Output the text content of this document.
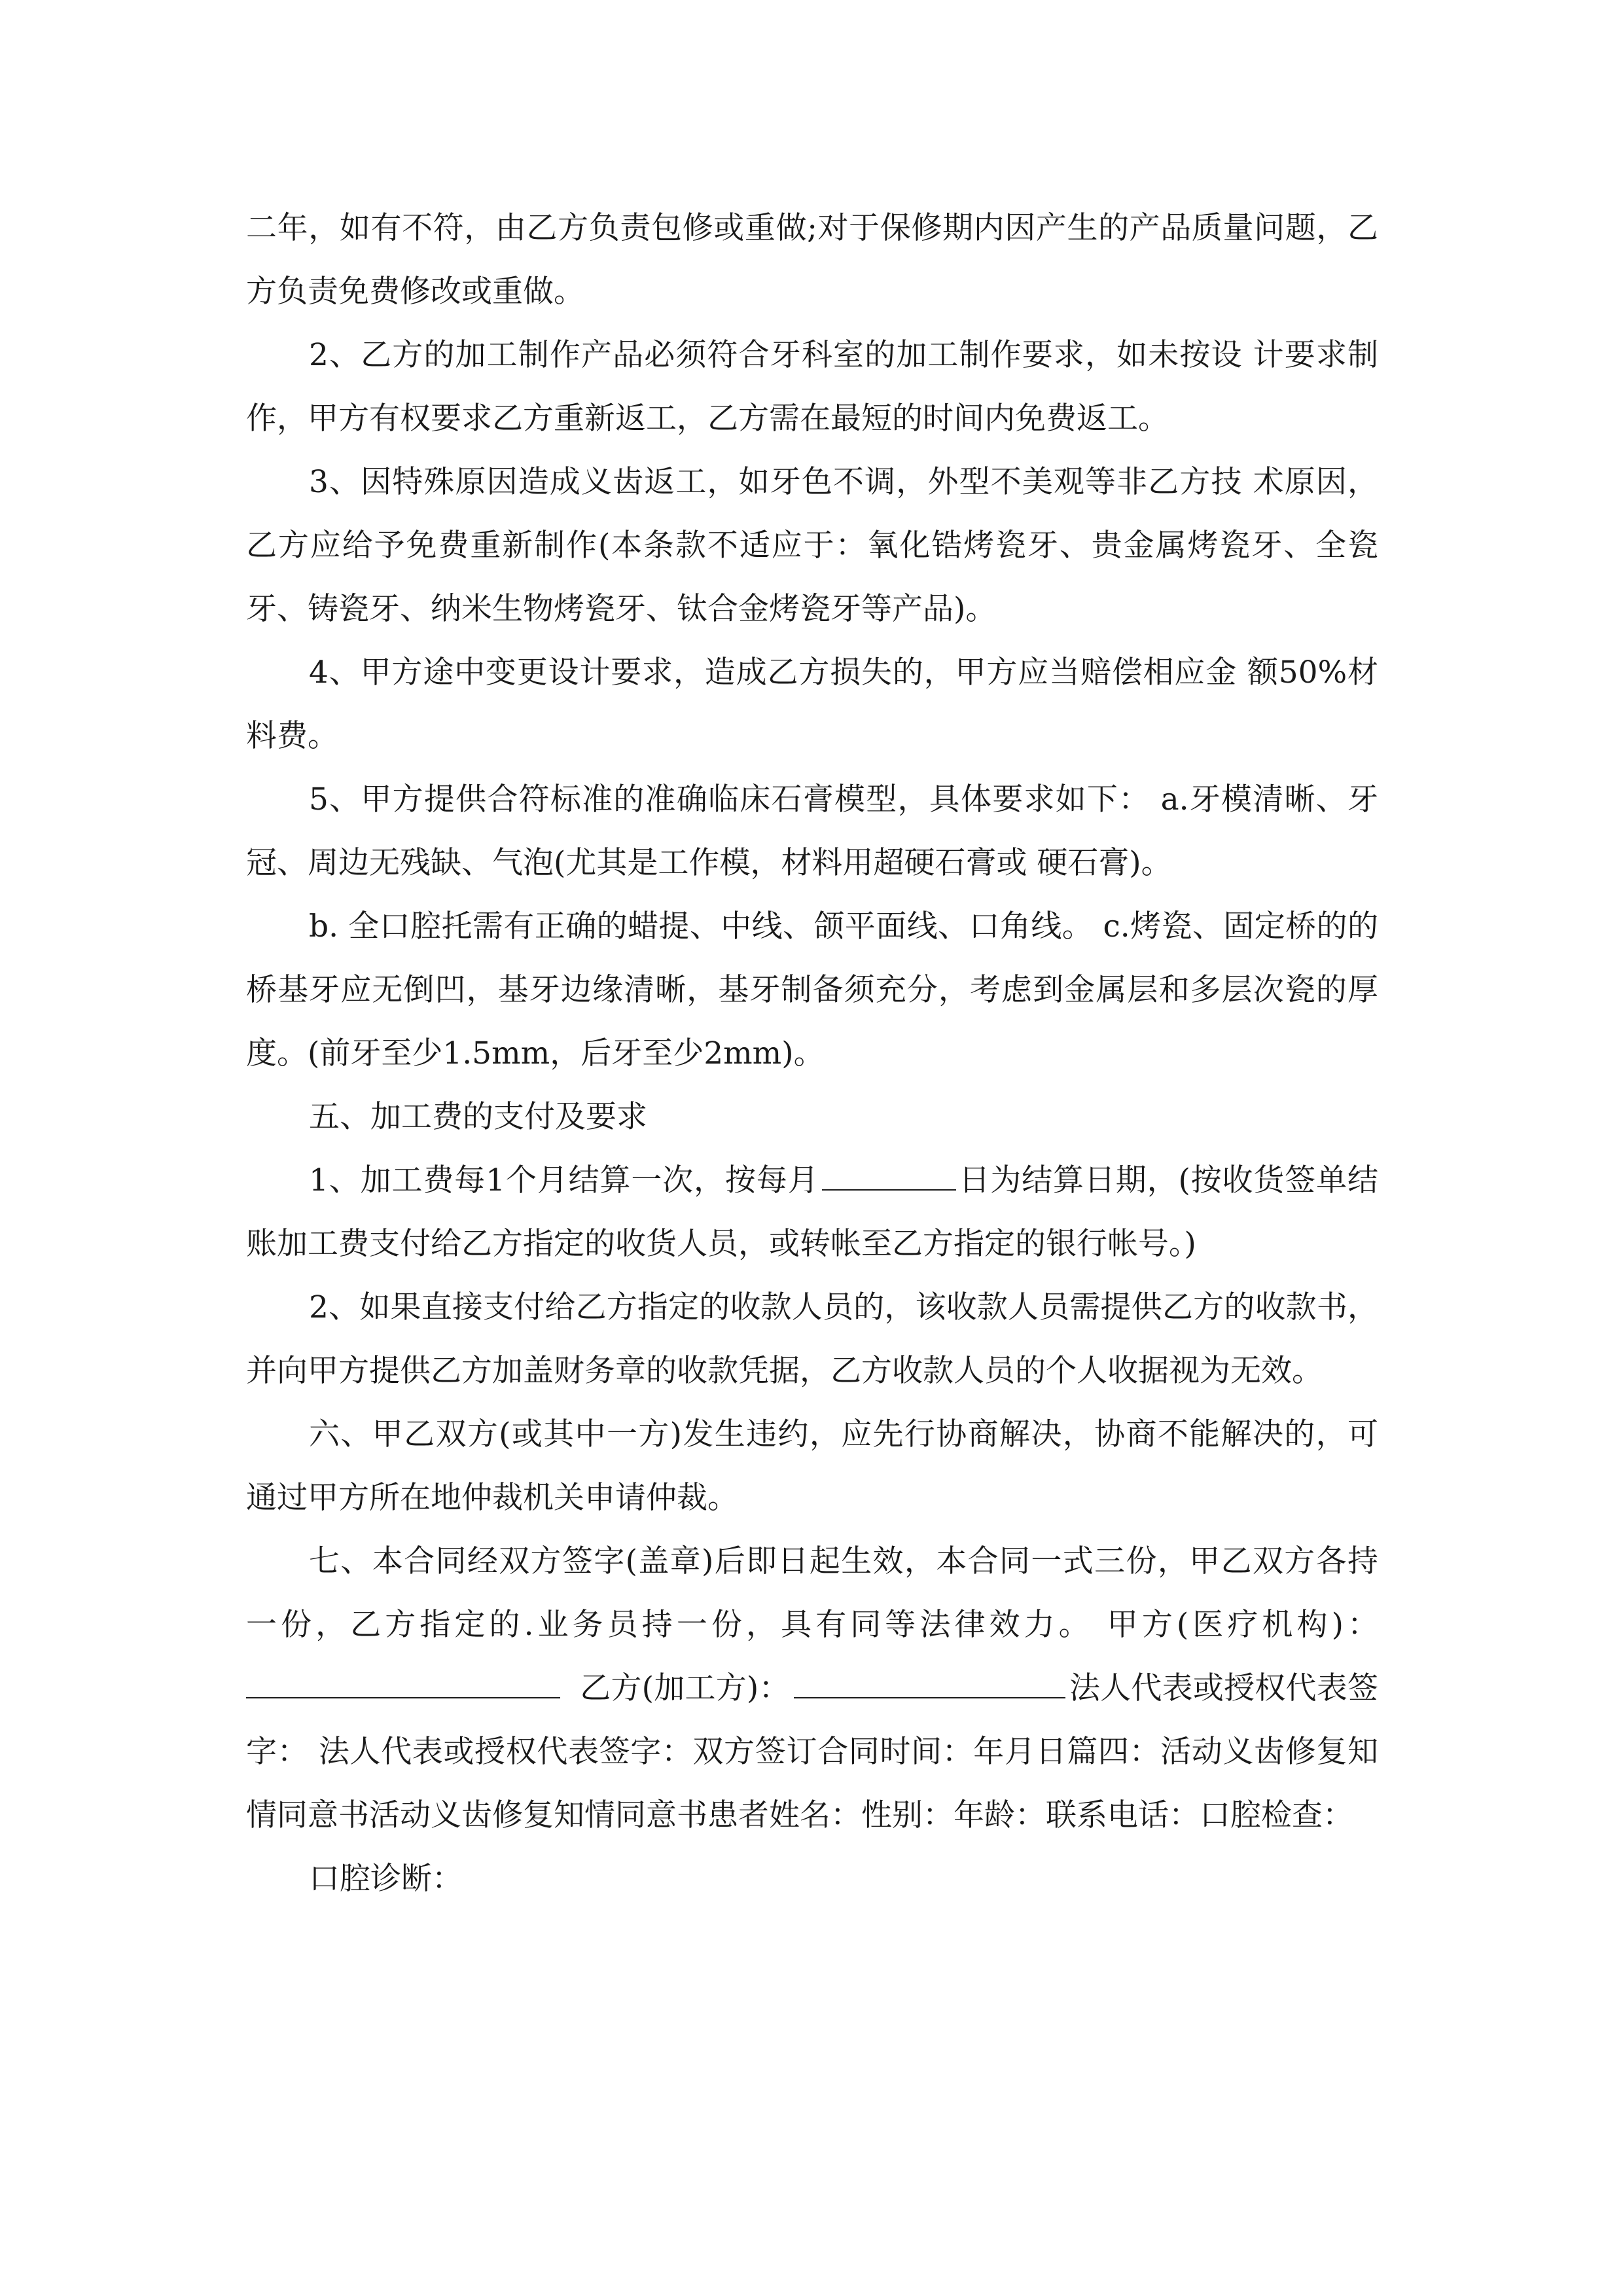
二年，如有不符，由乙方负责包修或重做;对于保修期内因产生的产品质量问题，乙方负责免费修改或重做。

2、乙方的加工制作产品必须符合牙科室的加工制作要求，如未按设 计要求制作，甲方有权要求乙方重新返工，乙方需在最短的时间内免费返工。

3、因特殊原因造成义齿返工，如牙色不调，外型不美观等非乙方技 术原因，乙方应给予免费重新制作(本条款不适应于：氧化锆烤瓷牙、贵金属烤瓷牙、全瓷牙、铸瓷牙、纳米生物烤瓷牙、钛合金烤瓷牙等产品)。

4、甲方途中变更设计要求，造成乙方损失的，甲方应当赔偿相应金 额50%材料费。

5、甲方提供合符标准的准确临床石膏模型，具体要求如下： a.牙模清晰、牙冠、周边无残缺、气泡(尤其是工作模，材料用超硬石膏或 硬石膏)。

b. 全口腔托需有正确的蜡提、中线、颌平面线、口角线。 c.烤瓷、固定桥的的桥基牙应无倒凹，基牙边缘清晰，基牙制备须充分，考虑到金属层和多层次瓷的厚度。(前牙至少1.5mm，后牙至少2mm)。

五、加工费的支付及要求

1、加工费每1个月结算一次，按每月	日为结算日期，(按收货签单结账加工费支付给乙方指定的收货人员，或转帐至乙方指定的银行帐号。)

2、如果直接支付给乙方指定的收款人员的，该收款人员需提供乙方的收款书，并向甲方提供乙方加盖财务章的收款凭据，乙方收款人员的个人收据视为无效。

六、甲乙双方(或其中一方)发生违约，应先行协商解决，协商不能解决的，可通过甲方所在地仲裁机关申请仲裁。

七、本合同经双方签字(盖章)后即日起生效，本合同一式三份，甲乙双方各持一份，乙方指定的.业务员持一份，具有同等法律效力。 甲方(医疗机构)：乙方(加工方)：	法人代表或授权代表签字： 法人代表或授权代表签字：双方签订合同时间：年月日篇四：活动义齿修复知情同意书活动义齿修复知情同意书患者姓名：性别：年龄：联系电话：口腔检查：

口腔诊断：
